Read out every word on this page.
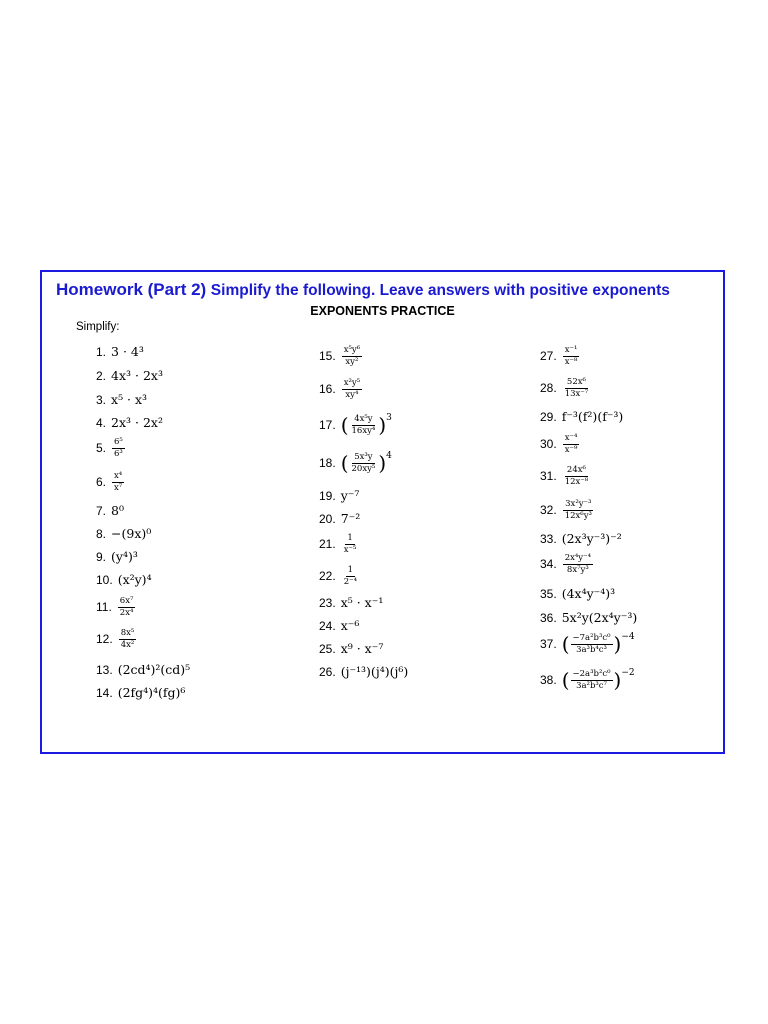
Homework (Part 2) Simplify the following. Leave answers with positive exponents
EXPONENTS PRACTICE
Simplify:
1. 3 · 4³
2. 4x³ · 2x³
3. x⁵ · x³
4. 2x³ · 2x²
5. $\frac{\text{6⁵}}{\text{6³}}$
6. $\frac{\text{x⁴}}{\text{x⁷}}$
7. 8⁰
8. −(9x)⁰
9. (y⁴)³
10. (x²y)⁴
11. $\frac{\text{6x⁷}}{\text{2x⁴}}$
12. $\frac{\text{8x⁵}}{\text{4x²}}$
13. (2cd⁴)²(cd)⁵
14. (2fg⁴)⁴(fg)⁶
15. $\frac{\text{x⁵y⁶}}{\text{xy²}}$
16. $\frac{\text{x²y⁵}}{\text{xy⁴}}$
17. ( $\frac{\text{4x⁵y}}{\text{16xy⁴}}$ ) 3
18. ( $\frac{\text{5x³y}}{\text{20xy⁵}}$ ) 4
19. y⁻⁷
20. 7⁻²
21. $\frac{1}{\text{x⁻⁵}}$
22. $\frac{1}{\text{2⁻⁴}}$
23. x⁵ · x⁻¹
24. x⁻⁶
25. x⁹ · x⁻⁷
26. (j⁻¹³)(j⁴)(j⁶)
27. $\frac{\text{x⁻¹}}{\text{x⁻⁸}}$
28. $\frac{\text{52x⁶}}{\text{13x⁻⁷}}$
29. f⁻³(f²)(f⁻³)
30. $\frac{\text{x⁻⁴}}{\text{x⁻⁹}}$
31. $\frac{\text{24x⁶}}{\text{12x⁻⁸}}$
32. $\frac{\text{3x²y⁻³}}{\text{12x⁶y³}}$
33. (2x³y⁻³)⁻²
34. $\frac{\text{2x⁴y⁻⁴}}{\text{8x⁷y³}}$
35. (4x⁴y⁻⁴)³
36. 5x²y(2x⁴y⁻³)
37. ( $\frac{\text{−7a²b³c⁰}}{\text{3a³b⁴c³}}$ ) −4
38. ( $\frac{\text{−2a³b²c⁰}}{\text{3a²b³c⁷}}$ ) −2
